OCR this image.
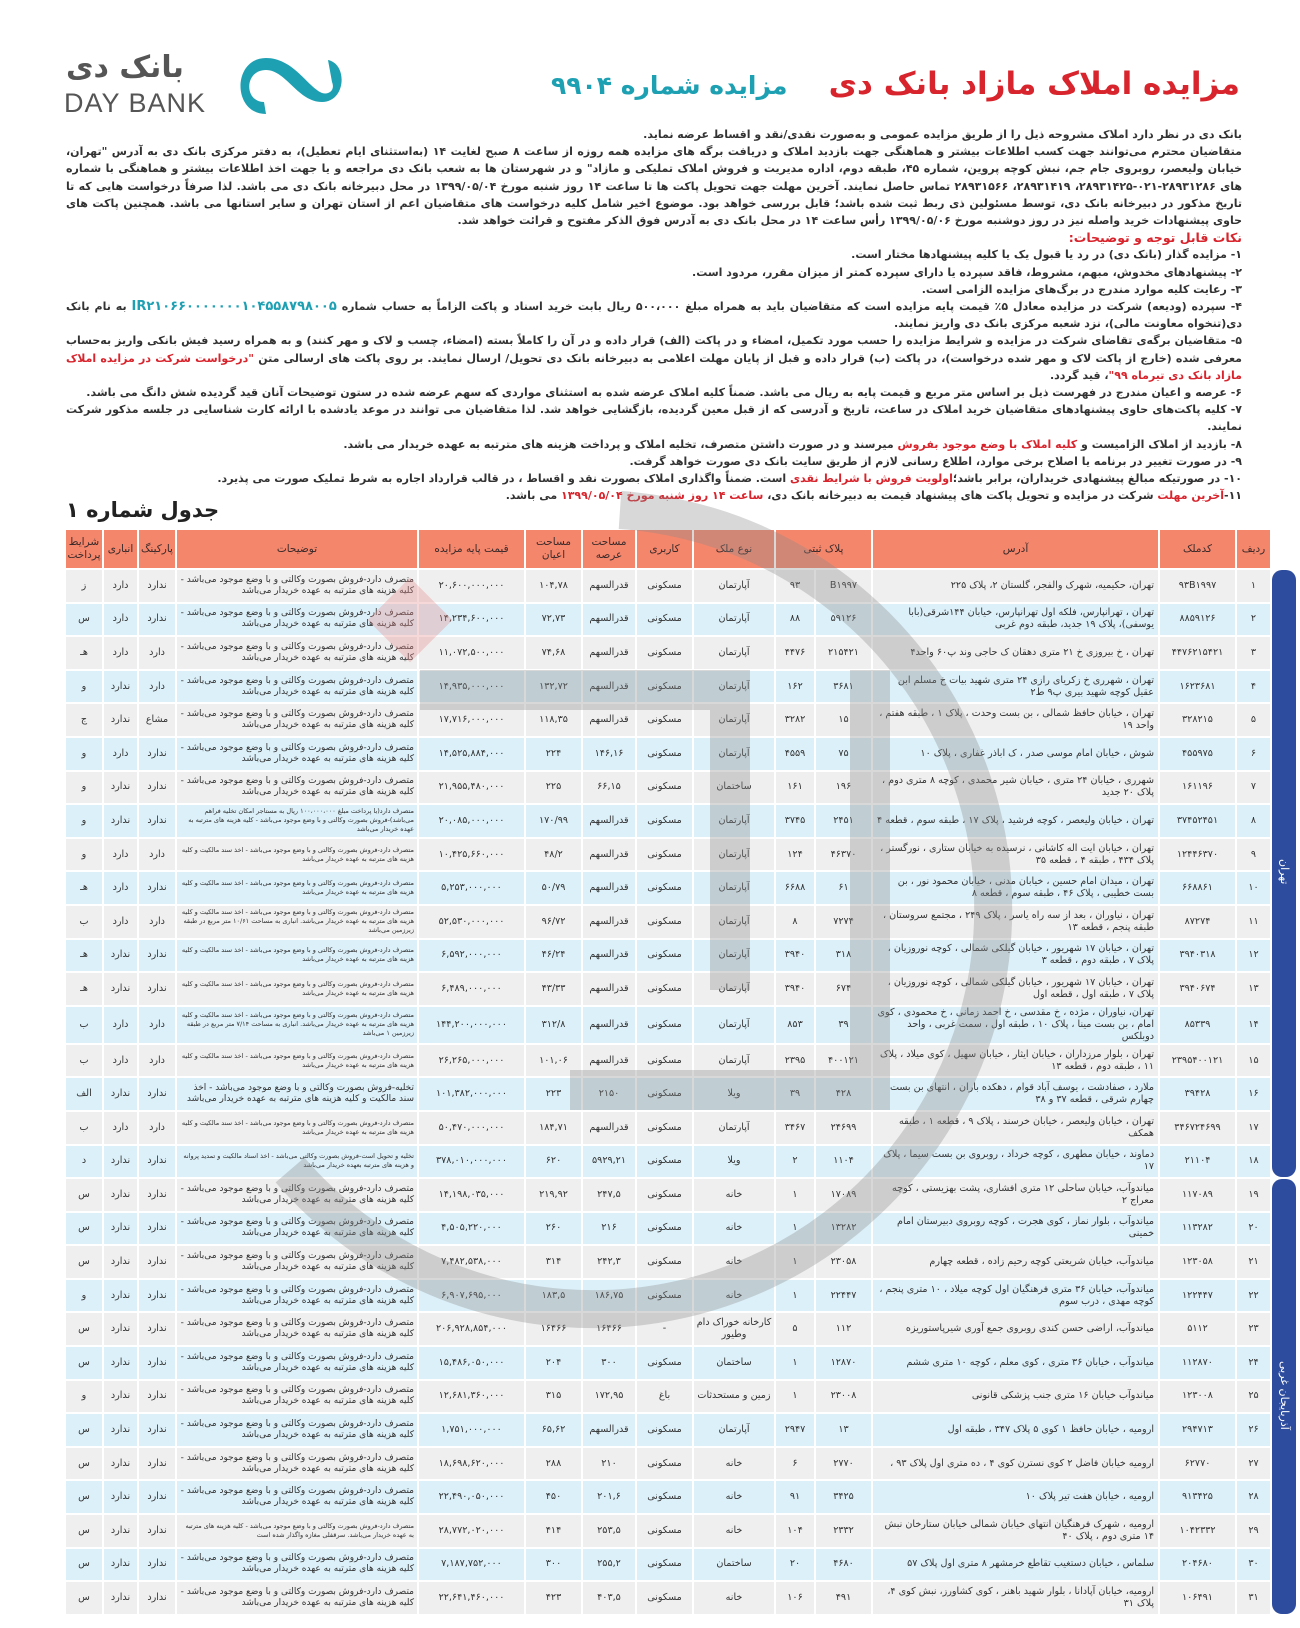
بانک دی
DAY BANK
مزایده املاک مازاد بانک دی مزایده شماره ۹۹۰۴

بانک دی در نظر دارد املاک مشروحه ذیل را از طریق مزایده عمومی و به‌صورت نقدی/نقد و اقساط عرضه نماید.

متقاضیان محترم می‌توانند جهت کسب اطلاعات بیشتر و هماهنگی جهت بازدید املاک و دریافت برگه های مزایده همه روزه از ساعت ۸ صبح لغایت ۱۴ (به‌استثنای ایام تعطیل)، به دفتر مرکزی بانک دی به آدرس "تهران، خیابان ولیعصر، روبروی جام جم، نبش کوچه پروین، شماره ۴۵، طبقه دوم، اداره مدیریت و فروش املاک تملیکی و مازاد" و در شهرستان ها به شعب بانک دی مراجعه و یا جهت اخذ اطلاعات بیشتر و هماهنگی با شماره های ۲۸۹۳۱۲۸۶-۰۲۱-۲۸۹۳۱۴۲۵، ۲۸۹۳۱۴۱۹، ۲۸۹۳۱۵۶۶ تماس حاصل نمایند. آخرین مهلت جهت تحویل پاکت ها تا ساعت ۱۴ روز شنبه مورخ ۱۳۹۹/۰۵/۰۴ در محل دبیرخانه بانک دی می باشد. لذا صرفاً درخواست هایی که تا تاریخ مذکور در دبیرخانه بانک دی، توسط مسئولین ذی ربط ثبت شده باشد؛ قابل بررسی خواهد بود. موضوع اخیر شامل کلیه درخواست های متقاضیان اعم از استان تهران و سایر استانها می باشد. همچنین پاکت های حاوی پیشنهادات خرید واصله نیز در روز دوشنبه مورخ ۱۳۹۹/۰۵/۰۶ رأس ساعت ۱۴ در محل بانک دی به آدرس فوق الذکر مفتوح و قرائت خواهد شد.

نکات قابل توجه و توضیحات:

۱- مزایده گذار (بانک دی) در رد یا قبول یک یا کلیه پیشنهادها مختار است.

۲- پیشنهادهای مخدوش، مبهم، مشروط، فاقد سپرده یا دارای سپرده کمتر از میزان مقرر، مردود است.

۳- رعایت کلیه موارد مندرج در برگ‌های مزایده الزامی است.

۴- سپرده (ودیعه) شرکت در مزایده معادل ۵٪ قیمت پایه مزایده است که متقاضیان باید به همراه مبلغ ۵۰۰،۰۰۰ ریال بابت خرید اسناد و پاکت الزاماً به حساب شماره IR۲۱۰۶۶۰۰۰۰۰۰۰۱۰۴۵۵۸۷۹۸۰۰۵ به نام بانک دی(تنخواه معاونت مالی)، نزد شعبه مرکزی بانک دی واریز نمایند.

۵- متقاضیان برگه‌ی تقاضای شرکت در مزایده و شرایط مزایده را حسب مورد تکمیل، امضاء و در پاکت (الف) قرار داده و در آن را کاملاً بسته (امضاء، چسب و لاک و مهر کنند) و به همراه رسید فیش بانکی واریز به‌حساب معرفی شده (خارج از پاکت لاک و مهر شده درخواست)، در پاکت (ب) قرار داده و قبل از پایان مهلت اعلامی به دبیرخانه بانک دی تحویل/ ارسال نمایند. بر روی پاکت های ارسالی متن "درخواست شرکت در مزایده املاک مازاد بانک دی تیرماه ۹۹"، قید گردد.

۶- عرصه و اعیان مندرج در فهرست ذیل بر اساس متر مربع و قیمت پایه به ریال می باشد. ضمناً کلیه املاک عرضه شده به استثنای مواردی که سهم عرضه شده در ستون توضیحات آنان قید گردیده شش دانگ می باشد.

۷- کلیه پاکت‌های حاوی پیشنهادهای متقاضیان خرید املاک در ساعت، تاریخ و آدرسی که از قبل معین گردیده، بازگشایی خواهد شد. لذا متقاضیان می توانند در موعد یادشده با ارائه کارت شناسایی در جلسه مذکور شرکت نمایند.

۸- بازدید از املاک الزامیست و کلیه املاک با وضع موجود بفروش میرسند و در صورت داشتن متصرف، تخلیه املاک و پرداخت هزینه های مترتبه به عهده خریدار می باشد.

۹- در صورت تغییر در برنامه یا اصلاح برخی موارد، اطلاع رسانی لازم از طریق سایت بانک دی صورت خواهد گرفت.

۱۰- در صورتیکه مبالغ پیشنهادی خریداران، برابر باشد؛اولویت فروش با شرایط نقدی است. ضمناً واگذاری املاک بصورت نقد و اقساط ، در قالب قرارداد اجاره به شرط تملیک صورت می پذیرد.

۱۱-آخرین مهلت شرکت در مزایده و تحویل پاکت های پیشنهاد قیمت به دبیرخانه بانک دی، ساعت ۱۴ روز شنبه مورخ ۱۳۹۹/۰۵/۰۴ می باشد.

جدول شماره ۱
	ردیف	کدملک	آدرس	پلاک ثبتی		نوع ملک	کاربری	مساحت عرصه	مساحت اعیان	قیمت پایه مزایده	توضیحات	پارکینگ	انباری	شرایط پرداخت
تهران	۱	۹۳B۱۹۹۷	تهران، حکیمیه، شهرک والفجر، گلستان ۲، پلاک ۲۲۵	B۱۹۹۷	۹۳	آپارتمان	مسکونی	قدرالسهم	۱۰۴,۷۸	۲۰,۶۰۰,۰۰۰,۰۰۰	متصرف دارد-فروش بصورت وکالتی و با وضع موجود می‌باشد - کلیه هزینه های مترتبه به عهده خریدار می‌باشد	ندارد	دارد	ز
	۲	۸۸۵۹۱۲۶	تهران ، تهرانپارس، فلکه اول تهرانپارس، خیابان ۱۴۴شرقی(بابا یوسفی)، پلاک ۱۹ جدید، طبقه دوم غربی	۵۹۱۲۶	۸۸	آپارتمان	مسکونی	قدرالسهم	۷۲,۷۳	۱۴,۲۳۴,۶۰۰,۰۰۰	متصرف دارد-فروش بصورت وکالتی و با وضع موجود می‌باشد - کلیه هزینه های مترتبه به عهده خریدار می‌باشد	ندارد	دارد	س
	۳	۴۴۷۶۲۱۵۴۲۱	تهران ، خ بیروزی خ ۲۱ متری دهقان ک حاجی وند پ۶۰ واحد۴	۲۱۵۴۲۱	۴۴۷۶	آپارتمان	مسکونی	قدرالسهم	۷۴,۶۸	۱۱,۰۷۲,۵۰۰,۰۰۰	متصرف دارد-فروش بصورت وکالتی و با وضع موجود می‌باشد - کلیه هزینه های مترتبه به عهده خریدار می‌باشد	دارد	دارد	هـ
	۴	۱۶۲۳۶۸۱	تهران ، شهرری خ زکریای رازی ۲۴ متری شهید بیات خ مسلم ابن عقیل کوچه شهید بیری پ۹ ط۲	۳۶۸۱	۱۶۲	آپارتمان	مسکونی	قدرالسهم	۱۳۲,۷۲	۱۴,۹۳۵,۰۰۰,۰۰۰	متصرف دارد-فروش بصورت وکالتی و با وضع موجود می‌باشد - کلیه هزینه های مترتبه به عهده خریدار می‌باشد	دارد	ندارد	و
	۵	۳۲۸۲۱۵	تهران ، خیابان حافظ شمالی ، بن بست وحدت ، پلاک ۱ ، طبقه هفتم ، واحد ۱۹	۱۵	۳۲۸۲	آپارتمان	مسکونی	قدرالسهم	۱۱۸,۳۵	۱۷,۷۱۶,۰۰۰,۰۰۰	متصرف دارد-فروش بصورت وکالتی و با وضع موجود می‌باشد - کلیه هزینه های مترتبه به عهده خریدار می‌باشد	مشاع	ندارد	ج
	۶	۴۵۵۹۷۵	شوش ، خیابان امام موسی صدر ، ک اباذر غفاری ، پلاک ۱۰	۷۵	۴۵۵۹	آپارتمان	مسکونی	۱۴۶,۱۶	۲۲۴	۱۴,۵۲۵,۸۸۴,۰۰۰	متصرف دارد-فروش بصورت وکالتی و با وضع موجود می‌باشد - کلیه هزینه های مترتبه به عهده خریدار می‌باشد	ندارد	دارد	و
	۷	۱۶۱۱۹۶	شهرری ، خیابان ۲۴ متری ، خیابان شیر محمدی ، کوچه ۸ متری دوم ، پلاک ۲۰ جدید	۱۹۶	۱۶۱	ساختمان	مسکونی	۶۶,۱۵	۲۲۵	۲۱,۹۵۵,۴۸۰,۰۰۰	متصرف دارد-فروش بصورت وکالتی و با وضع موجود می‌باشد - کلیه هزینه های مترتبه به عهده خریدار می‌باشد	ندارد	ندارد	و
	۸	۳۷۴۵۲۴۵۱	تهران ، خیابان ولیعصر ، کوچه فرشید ، پلاک ۱۷ ، طبقه سوم ، قطعه ۴	۲۴۵۱	۳۷۴۵	آپارتمان	مسکونی	قدرالسهم	۱۷۰/۹۹	۲۰,۰۸۵,۰۰۰,۰۰۰	متصرف دارد(با پرداخت مبلغ ۱۰۰،۰۰۰،۰۰۰ ریال به مستاجر امکان تخلیه فراهم می‌باشد)-فروش بصورت وکالتی و با وضع موجود می‌باشد - کلیه هزینه های مترتبه به عهده خریدار می‌باشد	ندارد	ندارد	و
	۹	۱۲۴۴۶۳۷۰	تهران ، خیابان ایت اله کاشانی ، نرسیده به خیابان ستاری ، نورگستر ، پلاک ۴۳۴ ، طبقه ۴ ، قطعه ۳۵	۴۶۳۷۰	۱۲۴	آپارتمان	مسکونی	قدرالسهم	۴۸/۲	۱۰,۴۲۵,۶۶۰,۰۰۰	متصرف دارد-فروش بصورت وکالتی و با وضع موجود می‌باشد - اخذ سند مالکیت و کلیه هزینه های مترتبه به عهده خریدار می‌باشد	دارد	دارد	و
	۱۰	۶۶۸۸۶۱	تهران ، میدان امام حسین ، خیابان مدنی ، خیابان محمود نور ، بن بست خطیبی ، پلاک ۴۶ ، طبقه سوم ، قطعه ۸	۶۱	۶۶۸۸	آپارتمان	مسکونی	قدرالسهم	۵۰/۷۹	۵,۲۵۳,۰۰۰,۰۰۰	متصرف دارد-فروش بصورت وکالتی و با وضع موجود می‌باشد - اخذ سند مالکیت و کلیه هزینه های مترتبه به عهده خریدار می‌باشد	ندارد	دارد	هـ
	۱۱	۸۷۲۷۴	تهران ، نیاوران ، بعد از سه راه یاسر ، پلاک ۲۴۹ ، مجتمع سروستان ، طبقه پنجم ، قطعه ۱۳	۷۲۷۴	۸	آپارتمان	مسکونی	قدرالسهم	۹۶/۷۲	۵۲,۵۳۰,۰۰۰,۰۰۰	متصرف دارد-فروش بصورت وکالتی و با وضع موجود می‌باشد - اخذ سند مالکیت و کلیه هزینه های مترتبه به عهده خریدار می‌باشد. انباری به مساحت ۱۰/۶۱ متر مربع در طبقه زیرزمین می‌باشد	دارد	دارد	ب
	۱۲	۳۹۴۰۳۱۸	تهران ، خیابان ۱۷ شهریور ، خیابان گیلکی شمالی ، کوچه نوروزیان ، پلاک ۷ ، طبقه دوم ، قطعه ۳	۳۱۸	۳۹۴۰	آپارتمان	مسکونی	قدرالسهم	۴۶/۲۴	۶,۵۹۲,۰۰۰,۰۰۰	متصرف دارد-فروش بصورت وکالتی و با وضع موجود می‌باشد - اخذ سند مالکیت و کلیه هزینه های مترتبه به عهده خریدار می‌باشد	ندارد	ندارد	هـ
	۱۳	۳۹۴۰۶۷۴	تهران ، خیابان ۱۷ شهریور ، خیابان گیلکی شمالی ، کوچه نوروزیان ، پلاک ۷ ، طبقه اول ، قطعه اول	۶۷۴	۳۹۴۰	آپارتمان	مسکونی	قدرالسهم	۴۳/۳۳	۶,۴۸۹,۰۰۰,۰۰۰	متصرف دارد-فروش بصورت وکالتی و با وضع موجود می‌باشد - اخذ سند مالکیت و کلیه هزینه های مترتبه به عهده خریدار می‌باشد	ندارد	ندارد	هـ
	۱۴	۸۵۳۳۹	تهران، نیاوران ، مژده ، خ مقدسی ، خ احمد زمانی ، خ محمودی ، کوی امام ، بن بست مینا ، پلاک ۱۰ ، طبقه اول ، سمت غربی ، واحد دوبلکس	۳۹	۸۵۳	آپارتمان	مسکونی	قدرالسهم	۳۱۲/۸	۱۴۴,۲۰۰,۰۰۰,۰۰۰	متصرف دارد-فروش بصورت وکالتی و با وضع موجود می‌باشد - اخذ سند مالکیت و کلیه هزینه های مترتبه به عهده خریدار می‌باشد. انباری به مساحت ۷/۱۴ متر مربع در طبقه زیرزمین ۱ می‌باشد	دارد	دارد	ب
	۱۵	۲۳۹۵۴۰۰۱۲۱	تهران ، بلوار مرزداران ، خیابان ایثار ، خیابان سهیل ، کوی میلاد ، پلاک ۱۱ ، طبقه دوم ، قطعه ۱۳	۴۰۰۱۲۱	۲۳۹۵	آپارتمان	مسکونی	قدرالسهم	۱۰۱,۰۶	۲۶,۲۶۵,۰۰۰,۰۰۰	متصرف دارد-فروش بصورت وکالتی و با وضع موجود می‌باشد - اخذ سند مالکیت و کلیه هزینه های مترتبه به عهده خریدار می‌باشد	دارد	دارد	ب
	۱۶	۳۹۴۲۸	ملارد ، صفادشت ، یوسف آباد قوام ، دهکده باران ، انتهای بن بست چهارم شرقی ، قطعه ۳۷ و ۳۸	۴۲۸	۳۹	ویلا	مسکونی	۲۱۵۰	۲۲۳	۱۰۱,۳۸۲,۰۰۰,۰۰۰	تخلیه-فروش بصورت وکالتی و با وضع موجود می‌باشد - اخذ سند مالکیت و کلیه هزینه های مترتبه به عهده خریدار می‌باشد	ندارد	ندارد	الف
	۱۷	۳۴۶۷۲۴۶۹۹	تهران ، خیابان ولیعصر ، خیابان خرسند ، پلاک ۹ ، قطعه ۱ ، طبقه همکف	۲۴۶۹۹	۳۴۶۷	آپارتمان	مسکونی	قدرالسهم	۱۸۴,۷۱	۵۰,۴۷۰,۰۰۰,۰۰۰	متصرف دارد-فروش بصورت وکالتی و با وضع موجود می‌باشد - اخذ سند مالکیت و کلیه هزینه های مترتبه به عهده خریدار می‌باشد	دارد	دارد	ب
	۱۸	۲۱۱۰۴	دماوند ، خیابان مطهری ، کوچه خرداد ، روبروی بن بست سیما ، پلاک ۱۷	۱۱۰۴	۲	ویلا	مسکونی	۵۹۲۹,۲۱	۶۲۰	۳۷۸,۰۱۰,۰۰۰,۰۰۰	تخلیه و تحویل است-فروش بصورت وکالتی می‌باشد - اخذ اسناد مالکیت و تمدید پروانه و هزینه های مترتبه بعهده خریدار می‌باشد	ندارد	ندارد	د
آذربایجان غربی	۱۹	۱۱۷۰۸۹	میاندوآب، خیابان ساحلی ۱۲ متری افشاری، پشت بهزیستی ، کوچه معراج ۲	۱۷۰۸۹	۱	خانه	مسکونی	۲۴۷,۵	۲۱۹,۹۲	۱۴,۱۹۸,۰۳۵,۰۰۰	متصرف دارد-فروش بصورت وکالتی و با وضع موجود می‌باشد - کلیه هزینه های مترتبه به عهده خریدار می‌باشد	ندارد	ندارد	س
	۲۰	۱۱۳۲۸۲	میاندوآب ، بلوار نماز ، کوی هجرت ، کوچه روبروی دبیرستان امام خمینی	۱۳۲۸۲	۱	خانه	مسکونی	۲۱۶	۲۶۰	۴,۵۰۵,۲۲۰,۰۰۰	متصرف دارد-فروش بصورت وکالتی و با وضع موجود می‌باشد - کلیه هزینه های مترتبه به عهده خریدار می‌باشد	ندارد	ندارد	س
	۲۱	۱۲۳۰۵۸	میاندوآب، خیابان شریعتی کوچه رحیم زاده ، قطعه چهارم	۲۳۰۵۸	۱	خانه	مسکونی	۲۴۲,۳	۳۱۴	۷,۴۸۲,۵۳۸,۰۰۰	متصرف دارد-فروش بصورت وکالتی و با وضع موجود می‌باشد - کلیه هزینه های مترتبه به عهده خریدار می‌باشد	ندارد	ندارد	س
	۲۲	۱۲۲۴۴۷	میاندوآب، خیابان ۳۶ متری فرهنگیان اول کوچه میلاد ، ۱۰ متری پنجم ، کوچه مهدی ، درب سوم	۲۲۴۴۷	۱	خانه	مسکونی	۱۸۶,۷۵	۱۸۳,۵	۶,۹۰۷,۶۹۵,۰۰۰	متصرف دارد-فروش بصورت وکالتی و با وضع موجود می‌باشد - کلیه هزینه های مترتبه به عهده خریدار می‌باشد	ندارد	ندارد	و
	۲۳	۵۱۱۲	میاندوآب، اراضی حسن کندی روبروی جمع آوری شیرپاستوریزه	۱۱۲	۵	کارخانه خوراک دام وطیور	-	۱۶۴۶۶	۱۶۴۶۶	۲۰۶,۹۲۸,۸۵۴,۰۰۰	متصرف دارد-فروش بصورت وکالتی و با وضع موجود می‌باشد - کلیه هزینه های مترتبه به عهده خریدار می‌باشد	ندارد	ندارد	س
	۲۴	۱۱۲۸۷۰	میاندوآب ، خیابان ۳۶ متری ، کوی معلم ، کوچه ۱۰ متری ششم	۱۲۸۷۰	۱	ساختمان	مسکونی	۳۰۰	۲۰۴	۱۵,۴۸۶,۰۵۰,۰۰۰	متصرف دارد-فروش بصورت وکالتی و با وضع موجود می‌باشد - کلیه هزینه های مترتبه به عهده خریدار می‌باشد	ندارد	ندارد	س
	۲۵	۱۲۳۰۰۸	میاندوآب خیابان ۱۶ متری جنب پزشکی قانونی	۲۳۰۰۸	۱	زمین و مستحدثات	باغ	۱۷۲,۹۵	۳۱۵	۱۲,۶۸۱,۳۶۰,۰۰۰	متصرف دارد-فروش بصورت وکالتی و با وضع موجود می‌باشد - کلیه هزینه های مترتبه به عهده خریدار می‌باشد	ندارد	ندارد	و
	۲۶	۲۹۴۷۱۳	ارومیه ، خیابان حافظ ۱ کوی ۵ پلاک ۳۴۷ ، طبقه اول	۱۳	۲۹۴۷	آپارتمان	مسکونی	قدرالسهم	۶۵,۶۲	۱,۷۵۱,۰۰۰,۰۰۰	متصرف دارد-فروش بصورت وکالتی و با وضع موجود می‌باشد - کلیه هزینه های مترتبه به عهده خریدار می‌باشد	ندارد	ندارد	س
	۲۷	۶۲۷۷۰	ارومیه خیابان فاضل ۲ کوی نسترن کوی ۴ ، ده متری اول پلاک ۹۳ ،	۲۷۷۰	۶	خانه	مسکونی	۲۱۰	۲۸۸	۱۸,۶۹۸,۶۲۰,۰۰۰	متصرف دارد-فروش بصورت وکالتی و با وضع موجود می‌باشد - کلیه هزینه های مترتبه به عهده خریدار می‌باشد	ندارد	ندارد	س
	۲۸	۹۱۳۴۲۵	ارومیه ، خیابان هفت تیر پلاک ۱۰	۳۴۲۵	۹۱	خانه	مسکونی	۲۰۱,۶	۴۵۰	۲۲,۴۹۰,۰۵۰,۰۰۰	متصرف دارد-فروش بصورت وکالتی و با وضع موجود می‌باشد - کلیه هزینه های مترتبه به عهده خریدار می‌باشد	ندارد	ندارد	س
	۲۹	۱۰۴۲۳۳۲	ارومیه ، شهرک فرهنگیان انتهای خیابان شمالی خیابان ستارخان نبش ۱۴ متری دوم ، پلاک ۴۰	۲۳۳۲	۱۰۴	خانه	مسکونی	۲۵۳,۵	۴۱۴	۲۸,۷۷۲,۰۲۰,۰۰۰	متصرف دارد-فروش بصورت وکالتی و با وضع موجود می‌باشد - کلیه هزینه های مترتبه به عهده خریدار می‌باشد. سرقفلی مغازه واگذار شده است	ندارد	ندارد	س
	۳۰	۲۰۴۶۸۰	سلماس ، خیابان دستغیب تقاطع خرمشهر ۸ متری اول پلاک ۵۷	۴۶۸۰	۲۰	ساختمان	مسکونی	۲۵۵,۲	۳۰۰	۷,۱۸۷,۷۵۲,۰۰۰	متصرف دارد-فروش بصورت وکالتی و با وضع موجود می‌باشد - کلیه هزینه های مترتبه به عهده خریدار می‌باشد	ندارد	ندارد	س
	۳۱	۱۰۶۴۹۱	ارومیه، خیابان آپادانا ، بلوار شهید باهنر ، کوی کشاورز، نبش کوی ۴، پلاک ۳۱	۴۹۱	۱۰۶	خانه	مسکونی	۴۰۳,۵	۴۲۳	۲۲,۶۴۱,۴۶۰,۰۰۰	متصرف دارد-فروش بصورت وکالتی و با وضع موجود می‌باشد - کلیه هزینه های مترتبه به عهده خریدار می‌باشد	ندارد	ندارد	س
